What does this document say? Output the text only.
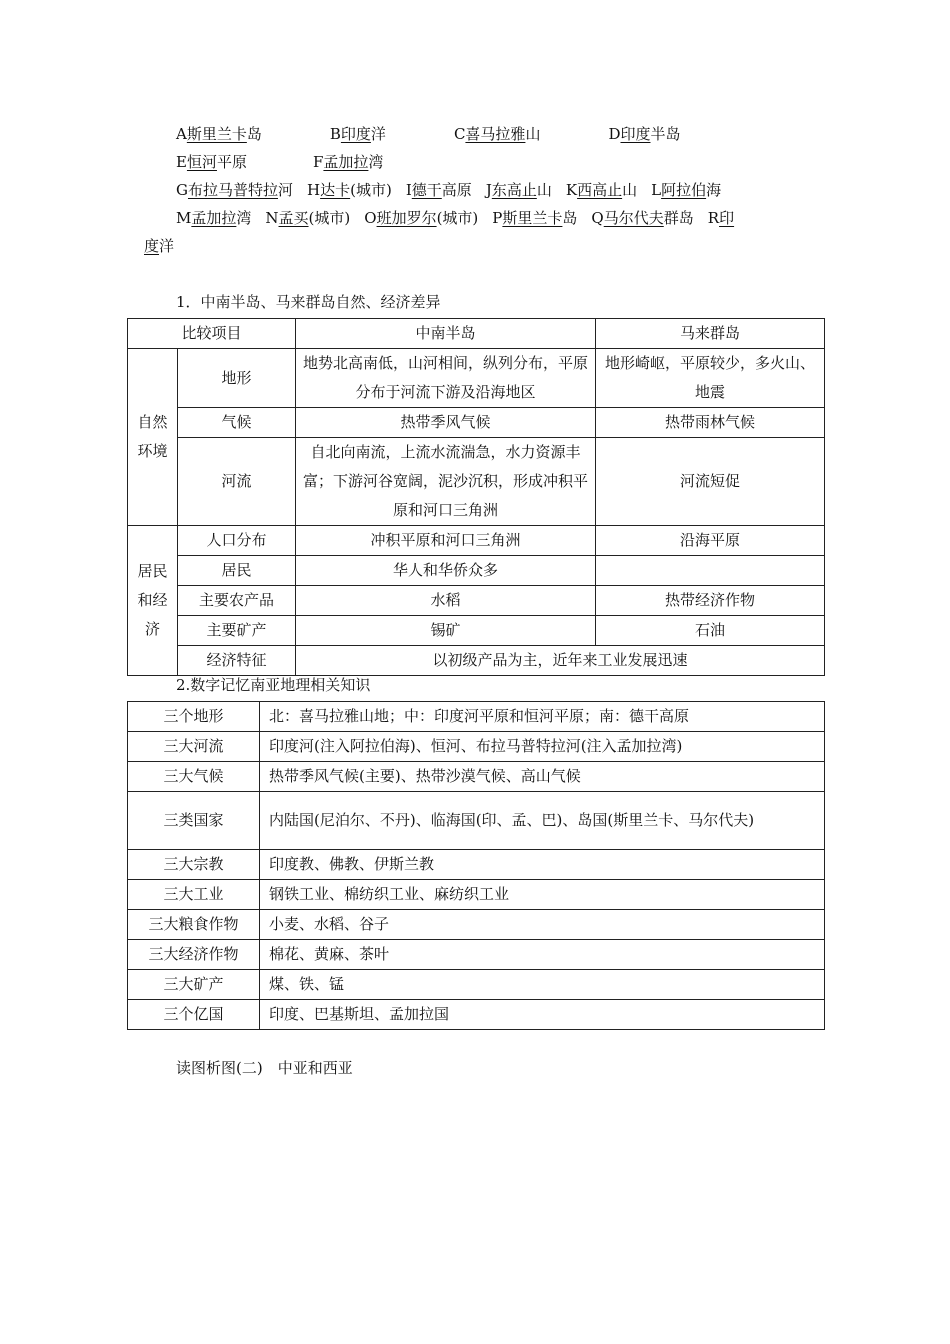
A斯里兰卡岛	B印度洋	C喜马拉雅山	D印度半岛
E恒河平原	F孟加拉湾
G布拉马普特拉河 H达卡(城市) I德干高原 J东高止山 K西高止山 L阿拉伯海
M孟加拉湾 N孟买(城市) O班加罗尔(城市) P斯里兰卡岛 Q马尔代夫群岛 R印
度洋
1．中南半岛、马来群岛自然、经济差异
比较项目		中南半岛	马来群岛
自然环境	地形	地势北高南低，山河相间，纵列分布，平原分布于河流下游及沿海地区	地形崎岖，平原较少，多火山、地震
	气候	热带季风气候	热带雨林气候
	河流	自北向南流，上流水流湍急，水力资源丰富；下游河谷宽阔，泥沙沉积，形成冲积平原和河口三角洲	河流短促
居民和经济	人口分布	冲积平原和河口三角洲	沿海平原
	居民	华人和华侨众多	
	主要农产品	水稻	热带经济作物
	主要矿产	锡矿	石油
	经济特征	以初级产品为主，近年来工业发展迅速	
2.数字记忆南亚地理相关知识
三个地形	北：喜马拉雅山地；中：印度河平原和恒河平原；南：德干高原
三大河流	印度河(注入阿拉伯海)、恒河、布拉马普特拉河(注入孟加拉湾)
三大气候	热带季风气候(主要)、热带沙漠气候、高山气候
三类国家	内陆国(尼泊尔、不丹)、临海国(印、孟、巴)、岛国(斯里兰卡、马尔代夫)
三大宗教	印度教、佛教、伊斯兰教
三大工业	钢铁工业、棉纺织工业、麻纺织工业
三大粮食作物	小麦、水稻、谷子
三大经济作物	棉花、黄麻、茶叶
三大矿产	煤、铁、锰
三个亿国	印度、巴基斯坦、孟加拉国
读图析图(二)　中亚和西亚
